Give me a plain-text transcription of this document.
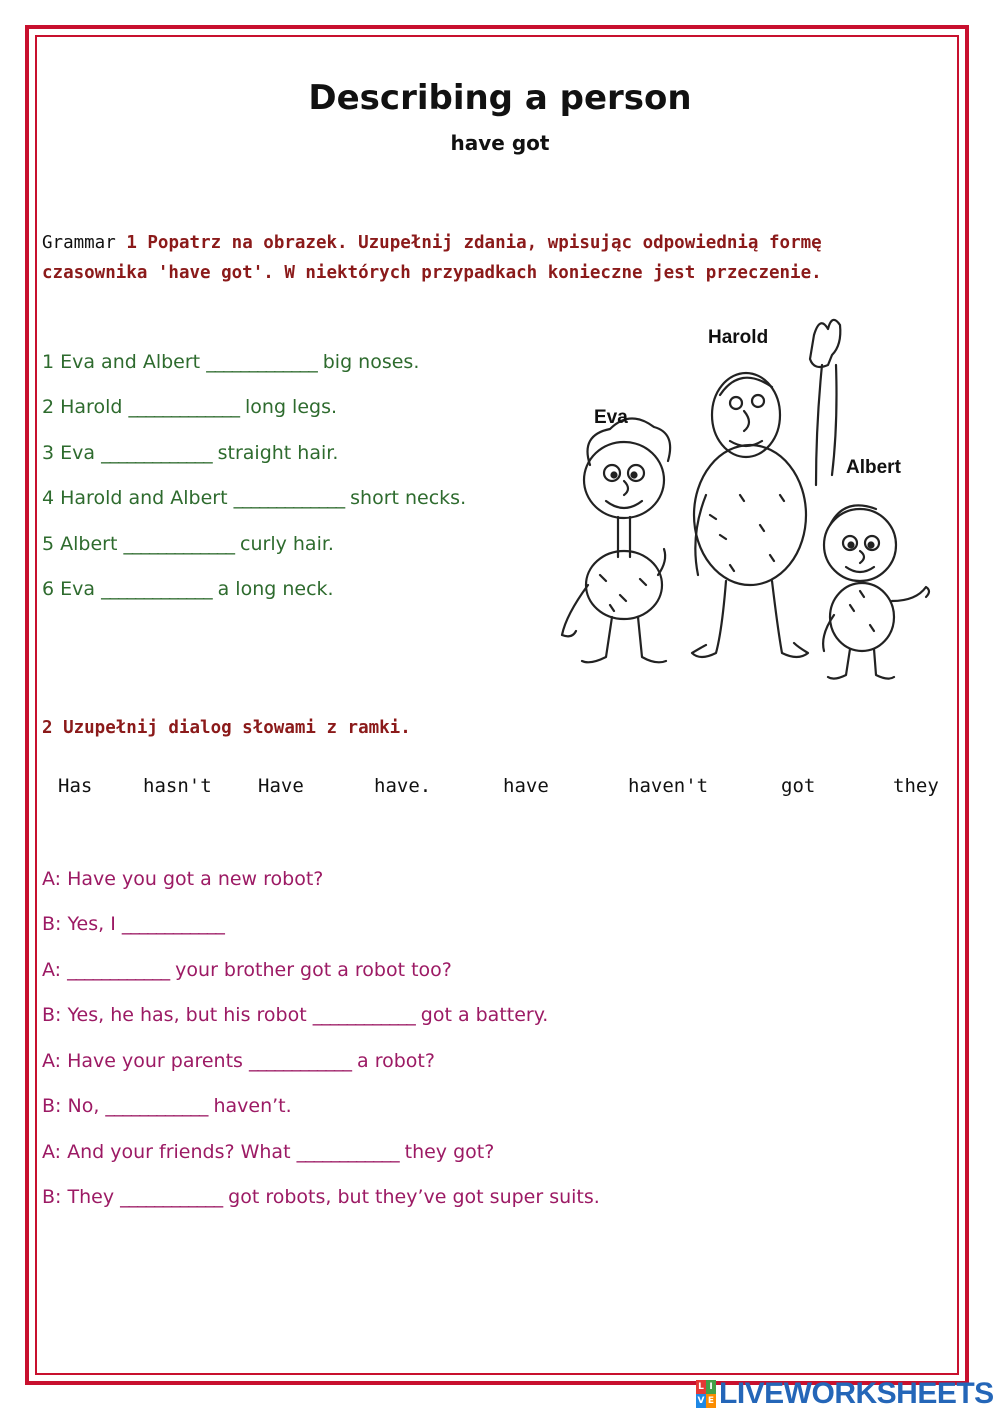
Describing a person
have got
Grammar 1 Popatrz na obrazek. Uzupełnij zdania, wpisując odpowiednią formę
czasownika 'have got'. W niektórych przypadkach konieczne jest przeczenie.
1 Eva and Albert _____________ big noses.
2 Harold _____________ long legs.
3 Eva _____________ straight hair.
4 Harold and Albert _____________ short necks.
5 Albert _____________ curly hair.
6 Eva _____________ a long neck.
Harold
Eva
Albert
2 Uzupełnij dialog słowami z ramki.
Has	hasn't Have	have.	have	haven't	got	they
A: Have you got a new robot?
B: Yes, I ____________
A: ____________ your brother got a robot too?
B: Yes, he has, but his robot ____________ got a battery.
A: Have your parents ____________ a robot?
B: No, ____________ haven’t.
A: And your friends? What ____________ they got?
B: They ____________ got robots, but they’ve got super suits.
L I
V E LIVEWORKSHEETS
